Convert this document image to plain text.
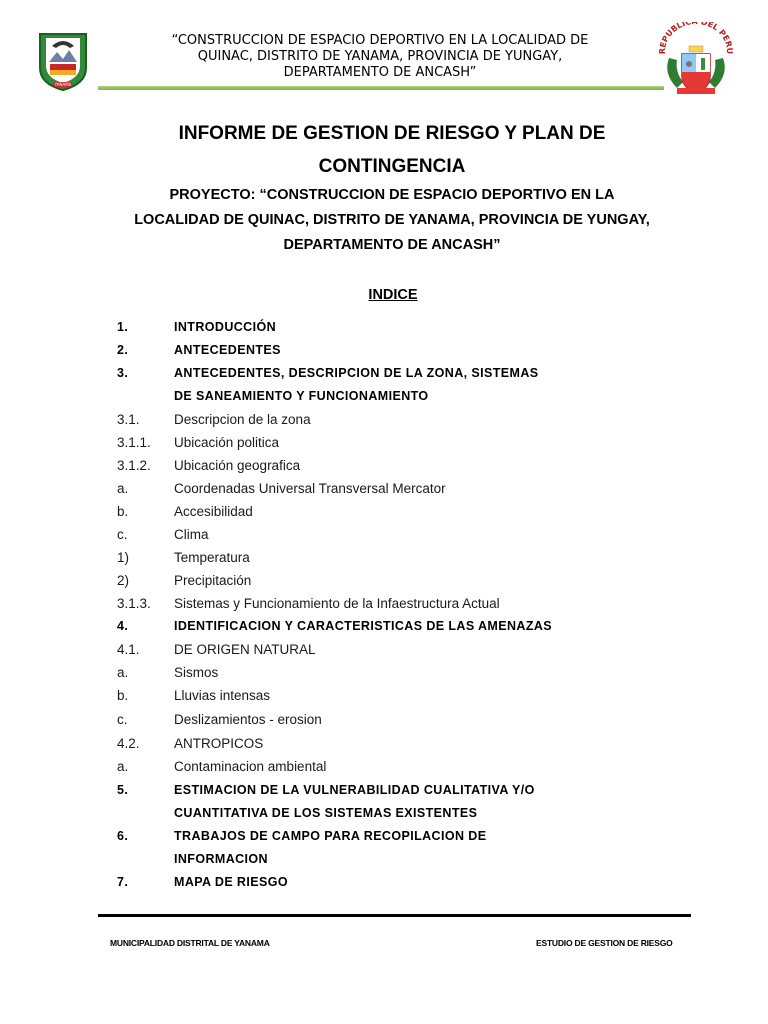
YANAMA
“CONSTRUCCION DE ESPACIO DEPORTIVO EN LA LOCALIDAD DE
QUINAC, DISTRITO DE YANAMA, PROVINCIA DE YUNGAY,
DEPARTAMENTO DE ANCASH”
REPUBLIC DEL PERU
INFORME DE GESTION DE RIESGO Y PLAN DE
CONTINGENCIA
PROYECTO: “CONSTRUCCION DE ESPACIO DEPORTIVO EN LA
LOCALIDAD DE QUINAC, DISTRITO DE YANAMA, PROVINCIA DE YUNGAY,
DEPARTAMENTO DE ANCASH”
INDICE
1.	INTRODUCCIÓN
2.	ANTECEDENTES
3.	ANTECEDENTES, DESCRIPCION DE LA ZONA, SISTEMAS
DE SANEAMIENTO Y FUNCIONAMIENTO
3.1.	Descripcion de la zona
3.1.1. Ubicación politica
3.1.2. Ubicación geografica
a.	Coordenadas Universal Transversal Mercator
b.	Accesibilidad
c.	Clima
1)	Temperatura
2)	Precipitación
3.1.3. Sistemas y Funcionamiento de la Infaestructura Actual
4.	IDENTIFICACION Y CARACTERISTICAS DE LAS AMENAZAS
4.1.	DE ORIGEN NATURAL
a.	Sismos
b.	Lluvias intensas
c.	Deslizamientos - erosion
4.2.	ANTROPICOS
a.	Contaminacion ambiental
5.	ESTIMACION DE LA VULNERABILIDAD CUALITATIVA Y/O
CUANTITATIVA DE LOS SISTEMAS EXISTENTES
6.	TRABAJOS DE CAMPO PARA RECOPILACION DE
INFORMACION
7.	MAPA DE RIESGO
MUNICIPALIDAD DISTRITAL DE YANAMA	ESTUDIO DE GESTION DE RIESGO
